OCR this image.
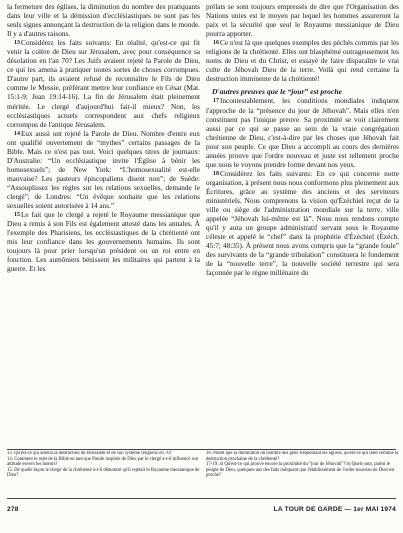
la fermeture des églises, la diminution du nombre des pratiquants dans leur ville et la démission d'ecclésiastiques ne sont pas les seuls signes annonçant la destruction de la religion dans le monde. Il y a d'autres raisons.

13Considérez les faits suivants: En réalité, qu'est-ce qui fit venir la colère de Dieu sur Jérusalem, avec pour conséquence sa désolation en l'an 70? Les Juifs avaient rejeté la Parole de Dieu, ce qui les amena à pratiquer toutes sortes de choses corrompues. D'autre part, ils avaient refusé de reconnaître le Fils de Dieu comme le Messie, préférant mettre leur confiance en César (Mat. 15:1-9; Jean 19:14-16). La fin de Jérusalem était pleinement méritée. Le clergé d'aujourd'hui fait-il mieux? Non, les ecclésiastiques actuels correspondent aux chefs religieux corrompus de l'antique Jérusalem.

14Eux aussi ont rejeté la Parole de Dieu. Nombre d'entre eux ont qualifié ouvertement de “mythes” certains passages de la Bible. Mais ce n'est pas tout. Voici quelques titres de journaux: D'Australie: “Un ecclésiastique invite l'Église à bénir les homosexuels”; de New York: “L'homosexualité est-elle mauvaise? Les pasteurs épiscopaliens disent non”; de Suède: “Assouplissez les règles sur les relations sexuelles, demande le clergé”; de Londres: “Un évêque souhaite que les relations sexuelles soient autorisées à 14 ans.”

15Le fait que le clergé a rejeté le Royaume messianique que Dieu a remis à son Fils est également attesté dans les annales. À l'exemple des Pharisiens, les ecclésiastiques de la chrétienté ont mis leur confiance dans les gouvernements humains. Ils sont toujours là pour prier lorsqu'un président ou un roi entre en fonction. Les aumôniers bénissent les militaires qui partent à la guerre. Et les

prélats se sont toujours empressés de dire que l'Organisation des Nations unies est le moyen par lequel les hommes assureront la paix et la sécurité que seul le Royaume messianique de Dieu pourra apporter.

16Ce n'est là que quelques exemples des péchés commis par les religions de la chrétienté. Elles ont blasphémé outrageusement les noms de Dieu et du Christ, et essayé de faire disparaître le vrai culte de Jéhovah Dieu de la terre. Voilà qui rend certaine la destruction imminente de la chrétienté!

D'autres preuves que le “jour” est proche

17Incontestablement, les conditions mondiales indiquent l'approche de la “présence du jour de Jéhovah”. Mais elles n'en constituent pas l'unique preuve. Sa proximité se voit clairement aussi par ce qui se passe au sein de la vraie congrégation chrétienne de Dieu, c'est-à-dire par les choses que Jéhovah fait pour son peuple. Ce que Dieu a accompli au cours des dernières années prouve que l'ordre nouveau et juste est tellement proche que nous le voyons prendre forme devant nos yeux.

18Considérez les faits suivants: En ce qui concerne notre organisation, à présent nous nous conformons plus pleinement aux Écritures, grâce au système des anciens et des serviteurs ministériels. Nous comprenons la vision qu'Ézéchiel reçut de la ville ou siège de l'administration mondiale sur la terre, ville appelée “Jéhovah lui-même est là”. Nous nous rendons compte qu'il y aura un groupe administratif servant sous le Royaume céleste et appelé le “chef” dans la prophétie d'Ézéchiel (Ézéch. 45:7; 48:35). À présent nous avons compris que la “grande foule” des survivants de la “grande tribulation” constituera le fondement de la “nouvelle terre”, la nouvelle société terrestre qui sera façonnée par le règne millénaire du

13. Qu'est-ce qui amena la destruction de Jérusalem et de son système religieux en 70?
14. Comment le rejet de la Bible en tant que Parole inspirée de Dieu par le clergé a-t-il influencé son attitude envers les mœurs?
15. De quelle façon le clergé de la chrétienté a-t-il démontré qu'il rejetait le Royaume messianique de Dieu?
16. Plutôt que la diminution du nombre des gens fréquentant les églises, qu'est-ce qui rend certaine la destruction prochaine de la chrétienté?
17-19. a) Qu'est-ce qui prouve encore la proximité du “jour de Jéhovah”? b) Quels sont, parmi le peuple de Dieu, quelques-uns des faits indiquant que l'établissement de l'ordre nouveau de Dieu est proche?
278	LA TOUR DE GARDE — 1er MAI 1974
